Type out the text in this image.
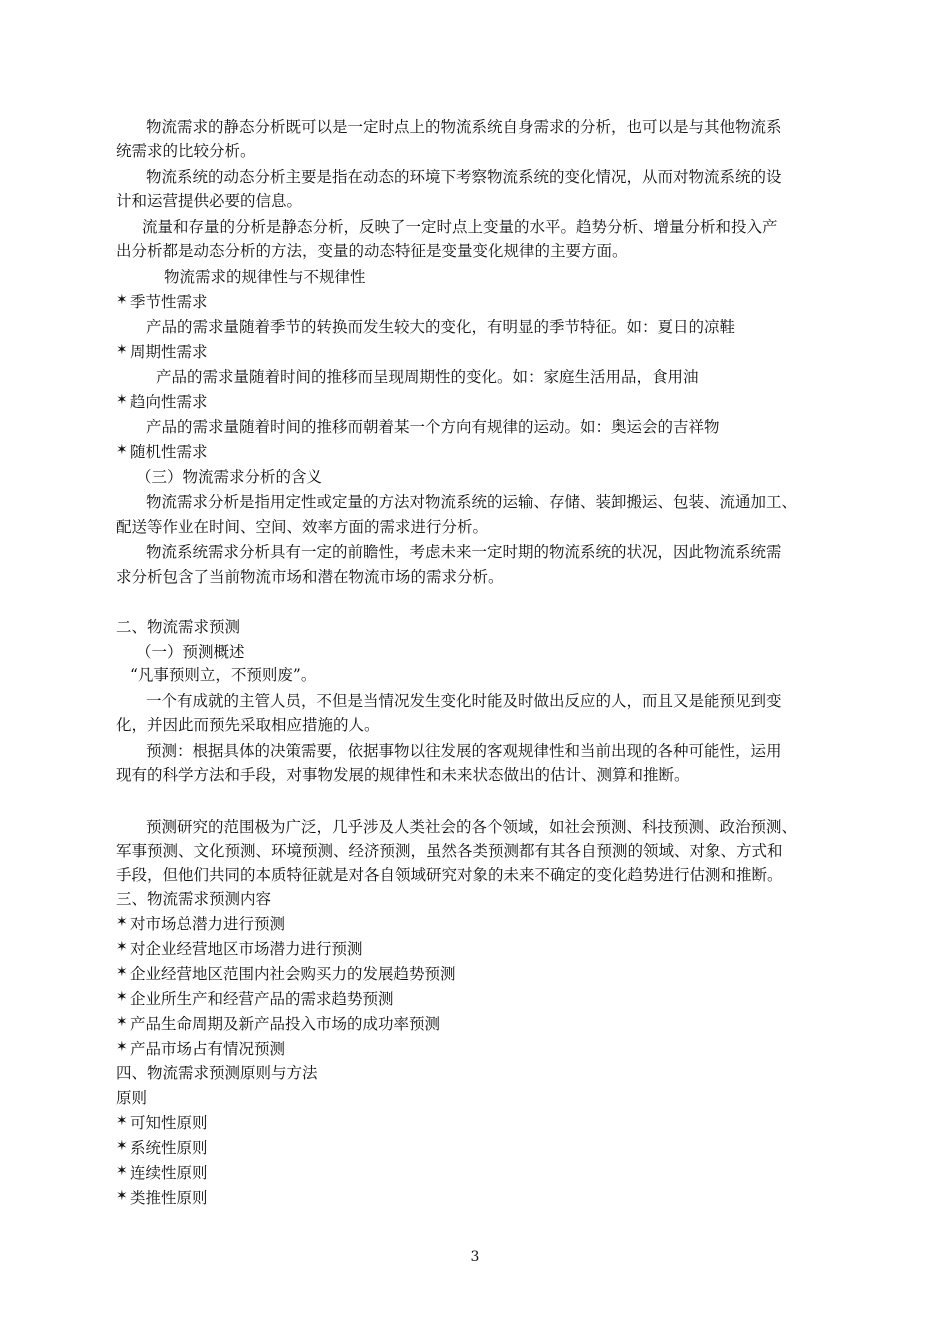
物流需求的静态分析既可以是一定时点上的物流系统自身需求的分析，也可以是与其他物流系
统需求的比较分析。
物流系统的动态分析主要是指在动态的环境下考察物流系统的变化情况，从而对物流系统的设
计和运营提供必要的信息。
流量和存量的分析是静态分析，反映了一定时点上变量的水平。趋势分析、增量分析和投入产
出分析都是动态分析的方法，变量的动态特征是变量变化规律的主要方面。
物流需求的规律性与不规律性
✶ 季节性需求
产品的需求量随着季节的转换而发生较大的变化，有明显的季节特征。如：夏日的凉鞋
✶ 周期性需求
产品的需求量随着时间的推移而呈现周期性的变化。如：家庭生活用品，食用油
✶ 趋向性需求
产品的需求量随着时间的推移而朝着某一个方向有规律的运动。如：奥运会的吉祥物
✶ 随机性需求
（三）物流需求分析的含义
物流需求分析是指用定性或定量的方法对物流系统的运输、存储、装卸搬运、包装、流通加工、
配送等作业在时间、空间、效率方面的需求进行分析。
物流系统需求分析具有一定的前瞻性，考虑未来一定时期的物流系统的状况，因此物流系统需
求分析包含了当前物流市场和潜在物流市场的需求分析。
二、物流需求预测
（一）预测概述
“凡事预则立，不预则废”。
一个有成就的主管人员，不但是当情况发生变化时能及时做出反应的人，而且又是能预见到变
化，并因此而预先采取相应措施的人。
预测：根据具体的决策需要，依据事物以往发展的客观规律性和当前出现的各种可能性，运用
现有的科学方法和手段，对事物发展的规律性和未来状态做出的估计、测算和推断。
预测研究的范围极为广泛，几乎涉及人类社会的各个领域，如社会预测、科技预测、政治预测、
军事预测、文化预测、环境预测、经济预测，虽然各类预测都有其各自预测的领域、对象、方式和
手段，但他们共同的本质特征就是对各自领域研究对象的未来不确定的变化趋势进行估测和推断。
三、物流需求预测内容
✶ 对市场总潜力进行预测
✶ 对企业经营地区市场潜力进行预测
✶ 企业经营地区范围内社会购买力的发展趋势预测
✶ 企业所生产和经营产品的需求趋势预测
✶ 产品生命周期及新产品投入市场的成功率预测
✶ 产品市场占有情况预测
四、物流需求预测原则与方法
原则
✶ 可知性原则
✶ 系统性原则
✶ 连续性原则
✶ 类推性原则
3
